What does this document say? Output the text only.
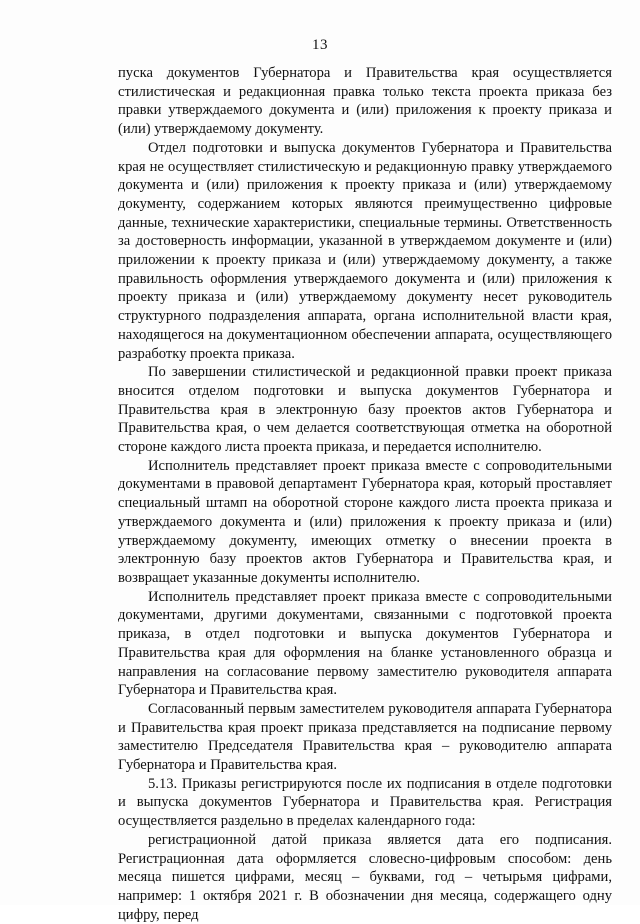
13

пуска документов Губернатора и Правительства края осуществляется стилистическая и редакционная правка только текста проекта приказа без правки утверждаемого документа и (или) приложения к проекту приказа и (или) утверждаемому документу.

Отдел подготовки и выпуска документов Губернатора и Правительства края не осуществляет стилистическую и редакционную правку утверждаемого документа и (или) приложения к проекту приказа и (или) утверждаемому документу, содержанием которых являются преимущественно цифровые данные, технические характеристики, специальные термины. Ответственность за достоверность информации, указанной в утверждаемом документе и (или) приложении к проекту приказа и (или) утверждаемому документу, а также правильность оформления утверждаемого документа и (или) приложения к проекту приказа и (или) утверждаемому документу несет руководитель структурного подразделения аппарата, органа исполнительной власти края, находящегося на документационном обеспечении аппарата, осуществляющего разработку проекта приказа.

По завершении стилистической и редакционной правки проект приказа вносится отделом подготовки и выпуска документов Губернатора и Правительства края в электронную базу проектов актов Губернатора и Правительства края, о чем делается соответствующая отметка на оборотной стороне каждого листа проекта приказа, и передается исполнителю.

Исполнитель представляет проект приказа вместе с сопроводительными документами в правовой департамент Губернатора края, который проставляет специальный штамп на оборотной стороне каждого листа проекта приказа и утверждаемого документа и (или) приложения к проекту приказа и (или) утверждаемому документу, имеющих отметку о внесении проекта в электронную базу проектов актов Губернатора и Правительства края, и возвращает указанные документы исполнителю.

Исполнитель представляет проект приказа вместе с сопроводительными документами, другими документами, связанными с подготовкой проекта приказа, в отдел подготовки и выпуска документов Губернатора и Правительства края для оформления на бланке установленного образца и направления на согласование первому заместителю руководителя аппарата Губернатора и Правительства края.

Согласованный первым заместителем руководителя аппарата Губернатора и Правительства края проект приказа представляется на подписание первому заместителю Председателя Правительства края – руководителю аппарата Губернатора и Правительства края.

5.13. Приказы регистрируются после их подписания в отделе подготовки и выпуска документов Губернатора и Правительства края. Регистрация осуществляется раздельно в пределах календарного года:

регистрационной датой приказа является дата его подписания. Регистрационная дата оформляется словесно-цифровым способом: день месяца пишется цифрами, месяц – буквами, год – четырьмя цифрами, например: 1 октября 2021 г. В обозначении дня месяца, содержащего одну цифру, перед
